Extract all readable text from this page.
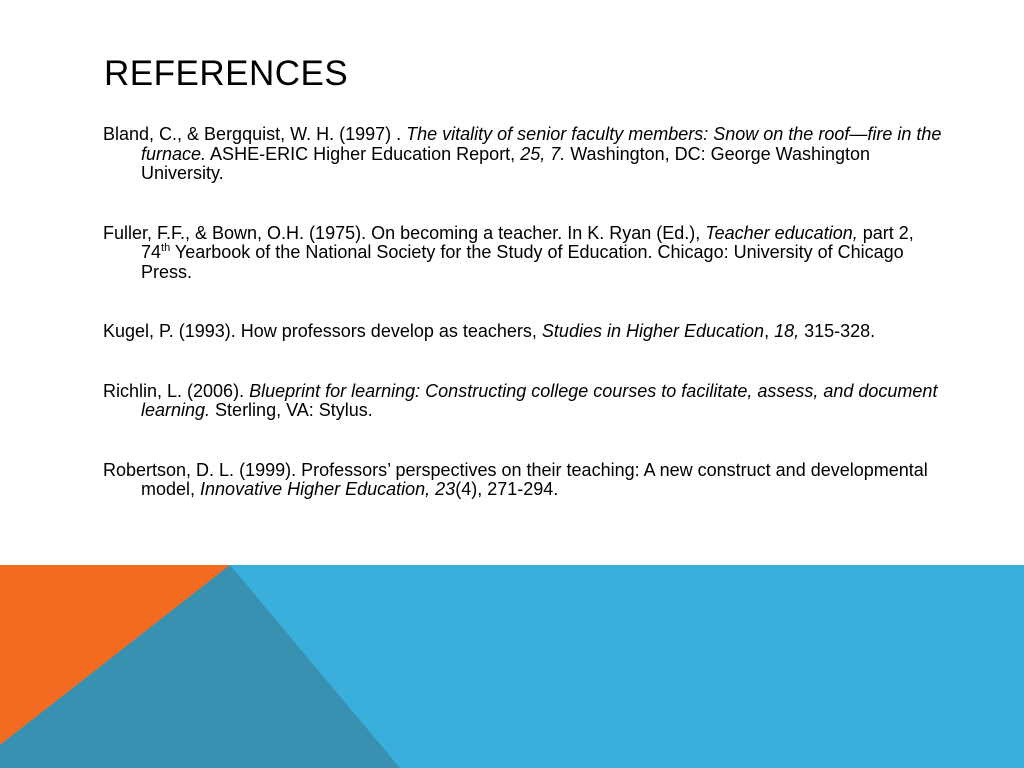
REFERENCES
Bland, C., & Bergquist, W. H. (1997) . The vitality of senior faculty members: Snow on the roof—fire in the furnace. ASHE-ERIC Higher Education Report, 25, 7. Washington, DC: George Washington University.
Fuller, F.F., & Bown, O.H. (1975). On becoming a teacher. In K. Ryan (Ed.), Teacher education, part 2, 74th Yearbook of the National Society for the Study of Education. Chicago: University of Chicago Press.
Kugel, P. (1993). How professors develop as teachers, Studies in Higher Education, 18, 315-328.
Richlin, L. (2006). Blueprint for learning: Constructing college courses to facilitate, assess, and document learning. Sterling, VA: Stylus.
Robertson, D. L. (1999). Professors’ perspectives on their teaching: A new construct and developmental model, Innovative Higher Education, 23(4), 271-294.
